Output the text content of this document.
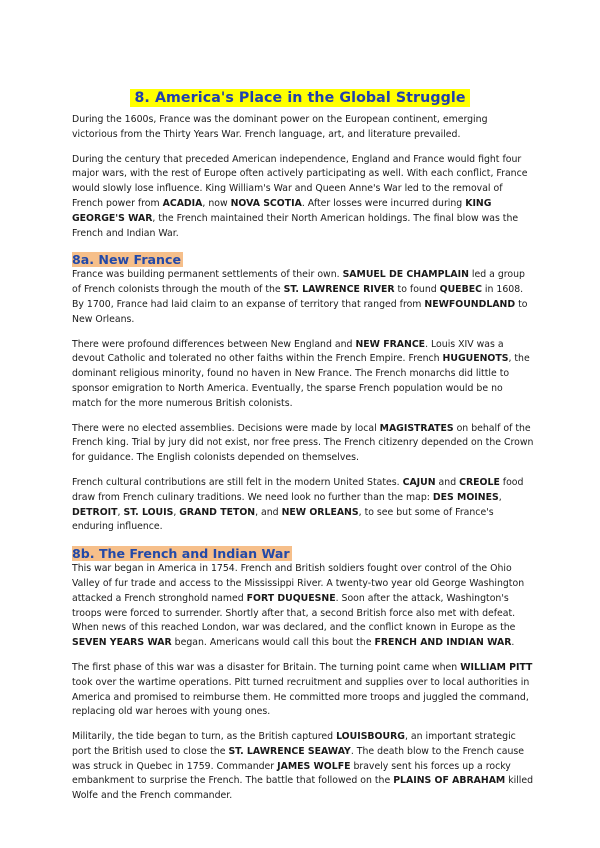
8. America's Place in the Global Struggle

During the 1600s, France was the dominant power on the European continent, emerging victorious from the Thirty Years War. French language, art, and literature prevailed.

During the century that preceded American independence, England and France would fight four major wars, with the rest of Europe often actively participating as well. With each conflict, France would slowly lose influence. King William's War and Queen Anne's War led to the removal of French power from ACADIA, now NOVA SCOTIA. After losses were incurred during KING GEORGE'S WAR, the French maintained their North American holdings. The final blow was the French and Indian War.

8a. New France

France was building permanent settlements of their own. SAMUEL DE CHAMPLAIN led a group of French colonists through the mouth of the ST. LAWRENCE RIVER to found QUEBEC in 1608. By 1700, France had laid claim to an expanse of territory that ranged from NEWFOUNDLAND to New Orleans.

There were profound differences between New England and NEW FRANCE. Louis XIV was a devout Catholic and tolerated no other faiths within the French Empire. French HUGUENOTS, the dominant religious minority, found no haven in New France. The French monarchs did little to sponsor emigration to North America. Eventually, the sparse French population would be no match for the more numerous British colonists.

There were no elected assemblies. Decisions were made by local MAGISTRATES on behalf of the French king. Trial by jury did not exist, nor free press. The French citizenry depended on the Crown for guidance. The English colonists depended on themselves.

French cultural contributions are still felt in the modern United States. CAJUN and CREOLE food draw from French culinary traditions. We need look no further than the map: DES MOINES, DETROIT, ST. LOUIS, GRAND TETON, and NEW ORLEANS, to see but some of France's enduring influence.

8b. The French and Indian War

This war began in America in 1754. French and British soldiers fought over control of the Ohio Valley of fur trade and access to the Mississippi River. A twenty-two year old George Washington attacked a French stronghold named FORT DUQUESNE. Soon after the attack, Washington's troops were forced to surrender. Shortly after that, a second British force also met with defeat. When news of this reached London, war was declared, and the conflict known in Europe as the SEVEN YEARS WAR began. Americans would call this bout the FRENCH AND INDIAN WAR.

The first phase of this war was a disaster for Britain. The turning point came when WILLIAM PITT took over the wartime operations. Pitt turned recruitment and supplies over to local authorities in America and promised to reimburse them. He committed more troops and juggled the command, replacing old war heroes with young ones.

Militarily, the tide began to turn, as the British captured LOUISBOURG, an important strategic port the British used to close the ST. LAWRENCE SEAWAY. The death blow to the French cause was struck in Quebec in 1759. Commander JAMES WOLFE bravely sent his forces up a rocky embankment to surprise the French. The battle that followed on the PLAINS OF ABRAHAM killed Wolfe and the French commander.
